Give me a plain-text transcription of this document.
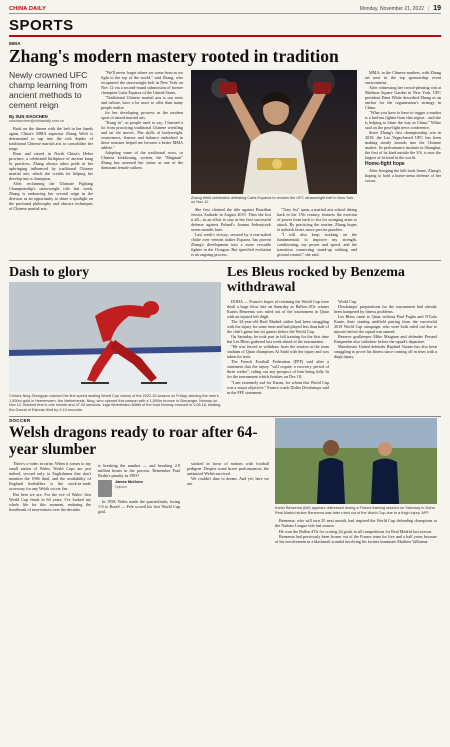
CHINA DAILY	Monday, November 21, 2022 | 19
SPORTS
MMA
Zhang's modern mastery rooted in tradition
Newly crowned UFC champ learning from ancient methods to cement reign
By SUN XIAOCHEN
sunxiaochen@chinadaily.com.cn

Back on the throne with the belt in her hands again, China's MMA superstar Zhang Weili is determined to tap into the rich depths of traditional Chinese martial arts to consolidate her reign.

Born and raised in North China's Hebei province, a celebrated birthplace of ancient kung fu practices, Zhang always takes pride in her upbringing influenced by traditional Chinese martial arts, which she credits for helping her develop into a champion.

After reclaiming the Ultimate Fighting Championship's strawweight title last week, Zhang is embracing her second reign in the division as an opportunity to shine a spotlight on the profound philosophy and obscure techniques of Chinese martial arts.

"We'll never forget where we come from as we fight to the top of the world," said Zhang, who recaptured the strawweight belt in New York on Nov 12 via a second-round submission of former champion Carla Esparza of the United States.

"Traditional Chinese martial arts is our roots and culture, have a lot more to offer than many people realize

for her developing prowess in the modern sport of mixed martial arts.

"Kung fu", as people used to say, I learned a lot from practicing traditional Chinese wrestling and tai chi moves. The skills of bodyweight, evasiveness, finesse and balance embodied in these routines helped me become a better MMA athlete."

Adopting some of the traditional roots, or Chinese kickboxing, system, the "Magnum" Zhang has assessed her status as one of the dominant female strikers.

Zhang Weili celebrates defeating Carla Esparza to reclaim the UFC strawweight belt in New York on Nov 12.

She first claimed the title against Brazilian Jessica Andrade in August 2019. Then she lost it all—in an effort to stay in her first successful defense against Poland's Joanna Jedrzejczyk seven months later.

Last week's victory, secured by a rear-naked choke over veteran striker Esparza, has proven Zhang's development into a more versatile fighter in the Octagon. But specified evolution is an ongoing process.

"Tony fist" quan, a martial arts school dating back to the 17th century, features the exertion of power from back to fist for swinging arms to attack. By practicing the routine, Zhang hopes to unleash faster, more precise punches.

"I will also keep working on the fundamentals to improve my strength, conditioning, my power and speed, and the transition connecting stand-up striking and ground control," she said.

MMA, in the Chinese markets, with Zhang set next in the top sponsorship event environment.

After witnessing her crowd-pleasing win at Madison Square Garden in New York, UFC president Dana White described Zhang as an anchor for the organization's strategy in China.

"What you have to have to trigger a market is a bad-ass fighter from that region... and she is helping to blaze the way in China," White said on the post-fight news conference.

Since Zhang's first championship win in 2019, the Las Vegas-based UFC has been making steady inroads into the Chinese market. Its performance institute in Shanghai, the first of its kind outside the US, is now the largest of its kind in the world.

Home-fight hope

After bringing the belt back home, Zhang's hoping to hold a home-arena defense of her crown.

Dash to glory
China's Ning Zhongyan claimed his first speed skating World Cup victory of the 2022-23 season on Friday, winning the men's 1,500m gold in Heerenveen, the Netherlands. Ning, who opened this season with a 1,500m bronze in Stavanger, Norway on Nov 12, finished first in one minute and 47.06 seconds. Inga Woertmann-Mittet of the host Norway crossed in 1:06.18, beating Kia Garcia of Estonia third by 0.13 seconds.
Les Bleus rocked by Benzema withdrawal

DOHA — France's hopes of retaining the World Cup were dealt a huge blow late on Saturday as Ballon d'Or winner Karim Benzema was ruled out of the tournament in Qatar with an injured left thigh.

The 34-year-old Real Madrid striker had been struggling with the injury for some time and had played less than half of the club's game last six games before the World Cup.

On Saturday, he took part in full training for the first time but Les Bleus gathered last week ahead of the tournament.

"He was forced to withdraw from the session at the team stadium of Qatar champions Al Sadd with the injury and was taken for tests.

The French Football Federation (FFF) said after a statement that the injury "will require a recovery period of three weeks", ruling out any prospect of him being fully fit for the tournament which finishes on Dec 18.

"I am extremely sad for Karim, for whom this World Cup was a major objective," France coach Didier Deschamps said in the FFF statement.

World Cup.

Deschamps' preparations for the tournament had already been hampered by fitness problems.

Les Bleus came to Qatar without Paul Pogba and N'Golo Kante, their starting midfield pairing from the successful 2018 World Cup campaign, who were both ruled out due to injuries before the squad was named.

Reserve goalkeeper Mike Maignan and defender Presnel Kimpembe also withdrew before the squad's departure.

Manchester United defender Raphael Varane has also been struggling to prove his fitness since coming off in tears with a thigh injury.

SOCCER
Welsh dragons ready to roar after 64-year slumber

There's a video in rarity. When it comes to my small nation of Wales, World Cups are just indeed, second only to Englishmen that don't mention the 1966 final, and the availability of England footballers is the stock-in-trade accessory for any Welsh soccer fan.

But here we are. For the eve of Wales' first World Cup finals in 64 years, I've looked my whole life for this moment, enduring the heartbreak of near-misses over the decades.

is breaking the number — and breaking 2.8 million hearts in the process. Remember Paul Bodin's penalty in 1993?
James McGuire
Opinion

In 1958, Wales made the quarterfinals, losing 1-0 to Brazil — Pele scored his first World Cup goal.

stacked in favor of nations with football pedigree. Despite some brave performances, the unfancied Welsh survived.

We couldn't dare to dream. And yet, here we are.

Karim Benzema (left) appears distressed during a France training session on Saturday in Doha. Real Madrid striker Benzema was later ruled out of the World Cup due to a thigh injury. AFP

Benzema, who will turn 35 next month, had inspired the World Cup defending champions to the Nations League title last season.

He won the Ballon d'Or for scoring 44 goals in all competitions for Real Madrid last season.

Benzema had previously been frozen out of the France team for five and a half years because of his involvement in a blackmail scandal involving his former teammate Mathieu Valbuena.
